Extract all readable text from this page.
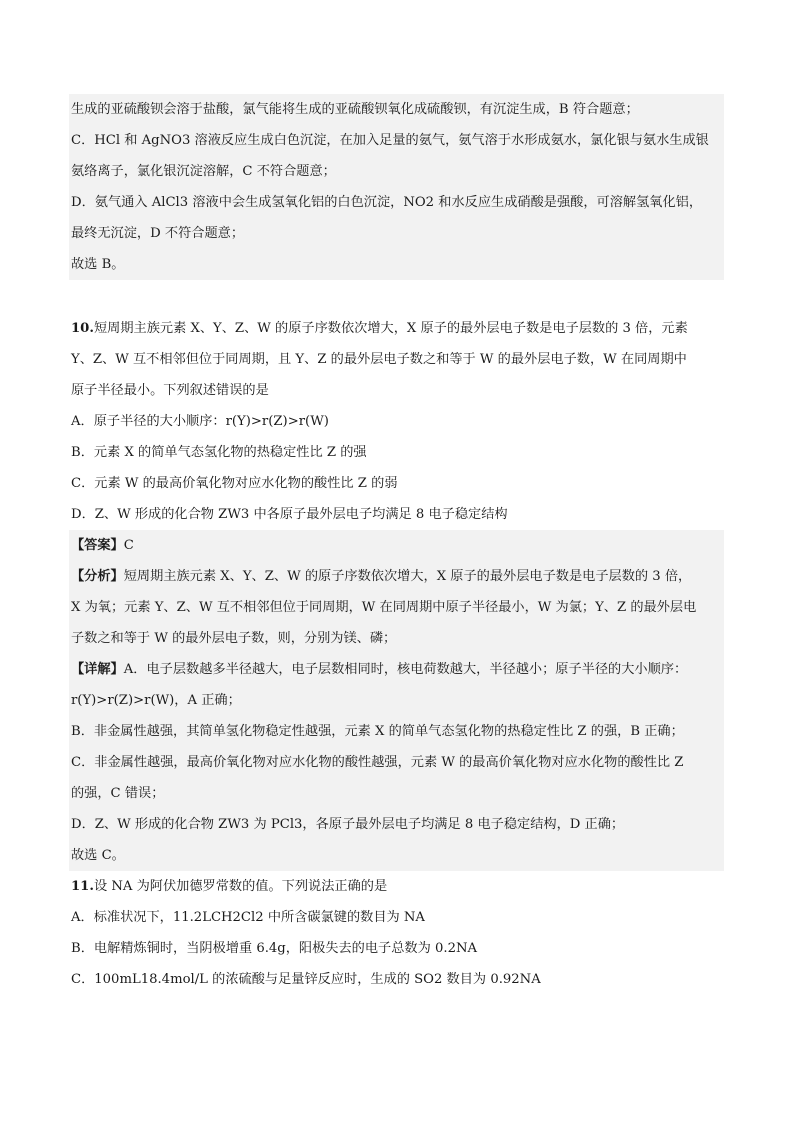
生成的亚硫酸钡会溶于盐酸，氯气能将生成的亚硫酸钡氧化成硫酸钡，有沉淀生成，B 符合题意；
C．HCl 和 AgNO3 溶液反应生成白色沉淀，在加入足量的氨气，氨气溶于水形成氨水，氯化银与氨水生成银
氨络离子，氯化银沉淀溶解，C 不符合题意；
D．氨气通入 AlCl3 溶液中会生成氢氧化铝的白色沉淀，NO2 和水反应生成硝酸是强酸，可溶解氢氧化铝，
最终无沉淀，D 不符合题意；
故选 B。
10.短周期主族元素 X、Y、Z、W 的原子序数依次增大，X 原子的最外层电子数是电子层数的 3 倍，元素
Y、Z、W 互不相邻但位于同周期，且 Y、Z 的最外层电子数之和等于 W 的最外层电子数，W 在同周期中
原子半径最小。下列叙述错误的是
A．原子半径的大小顺序：r(Y)>r(Z)>r(W)
B．元素 X 的简单气态氢化物的热稳定性比 Z 的强
C．元素 W 的最高价氧化物对应水化物的酸性比 Z 的弱
D．Z、W 形成的化合物 ZW3 中各原子最外层电子均满足 8 电子稳定结构
【答案】C
【分析】短周期主族元素 X、Y、Z、W 的原子序数依次增大，X 原子的最外层电子数是电子层数的 3 倍，
X 为氧；元素 Y、Z、W 互不相邻但位于同周期，W 在同周期中原子半径最小，W 为氯；Y、Z 的最外层电
子数之和等于 W 的最外层电子数，则，分别为镁、磷；
【详解】A．电子层数越多半径越大，电子层数相同时，核电荷数越大，半径越小；原子半径的大小顺序：
r(Y)>r(Z)>r(W)，A 正确；
B．非金属性越强，其简单氢化物稳定性越强，元素 X 的简单气态氢化物的热稳定性比 Z 的强，B 正确；
C．非金属性越强，最高价氧化物对应水化物的酸性越强，元素 W 的最高价氧化物对应水化物的酸性比 Z
的强，C 错误；
D．Z、W 形成的化合物 ZW3 为 PCl3，各原子最外层电子均满足 8 电子稳定结构，D 正确；
故选 C。
11.设 NA 为阿伏加德罗常数的值。下列说法正确的是
A．标准状况下，11.2LCH2Cl2 中所含碳氯键的数目为 NA
B．电解精炼铜时，当阴极增重 6.4g，阳极失去的电子总数为 0.2NA
C．100mL18.4mol/L 的浓硫酸与足量锌反应时，生成的 SO2 数目为 0.92NA
